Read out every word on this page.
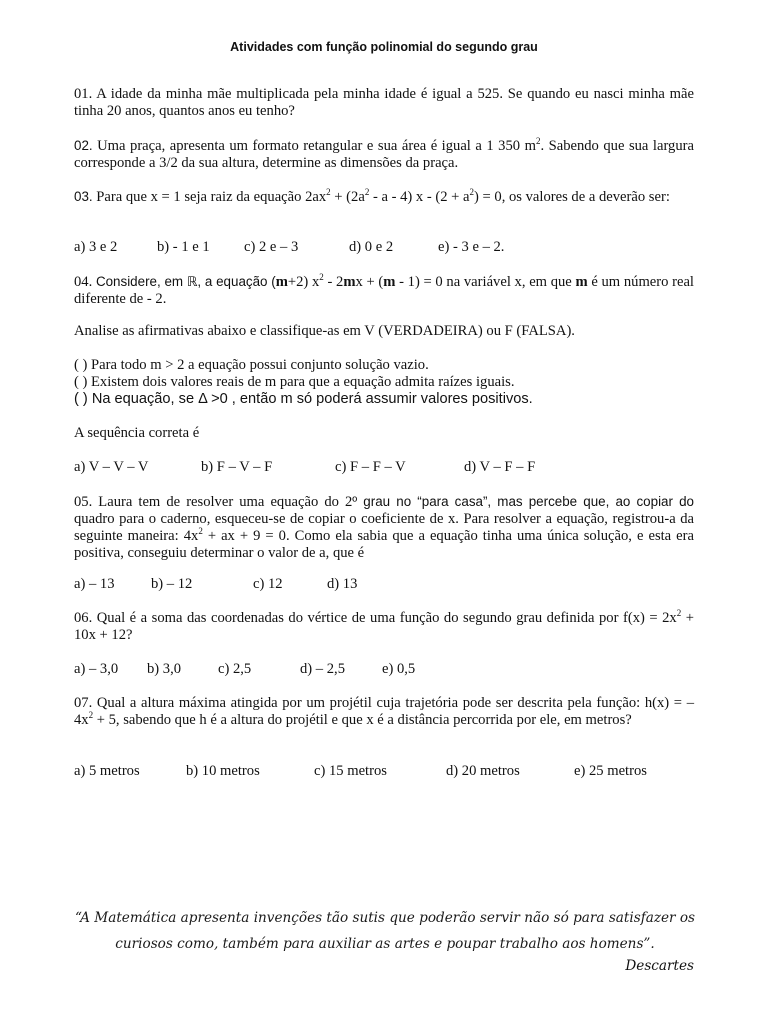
Atividades com função polinomial do segundo grau
01. A idade da minha mãe multiplicada pela minha idade é igual a 525. Se quando eu nasci minha mãe tinha 20 anos, quantos anos eu tenho?
02. Uma praça, apresenta um formato retangular e sua área é igual a 1 350 $m^2$. Sabendo que sua largura corresponde a 3/2 da sua altura, determine as dimensões da praça.
03. Para que x = 1 seja raiz da equação $2ax^2 + (2a^2 - a - 4)$ $x - (2 + a^2) = 0$, os valores de a deverão ser:
a) 3 e 2	b) - 1 e 1 c) 2 e – 3	d) 0 e 2	e) - 3 e – 2.
04. Considere, em ℝ, a equação (m+2) $x^2 - 2mx + (m - 1) = 0$ na variável x, em que m é um número real diferente de - 2.
Analise as afirmativas abaixo e classifique-as em V (VERDADEIRA) ou F (FALSA).
( ) Para todo m > 2 a equação possui conjunto solução vazio.
( ) Existem dois valores reais de m para que a equação admita raízes iguais.
( ) Na equação, se Δ >0 , então m só poderá assumir valores positivos.
A sequência correta é
a) V – V – V	b) F – V – F	c) F – F – V	d) V – F – F
05. Laura tem de resolver uma equação do 2º grau no “para casa”, mas percebe que, ao copiar do quadro para o caderno, esqueceu-se de copiar o coeficiente de x. Para resolver a equação, registrou-a da seguinte maneira: $4x^2$ + ax + 9 = 0. Como ela sabia que a equação tinha uma única solução, e esta era positiva, conseguiu determinar o valor de a, que é
a) – 13 b) – 12	c) 12	d) 13
06. Qual é a soma das coordenadas do vértice de uma função do segundo grau definida por $f(x) = 2x^2 + 10x + 12$?
a) – 3,0 b) 3,0	c) 2,5	d) – 2,5	e) 0,5
07. Qual a altura máxima atingida por um projétil cuja trajetória pode ser descrita pela função: h(x) = – $4x^2 + 5$, sabendo que h é a altura do projétil e que x é a distância percorrida por ele, em metros?
a) 5 metros	b) 10 metros	c) 15 metros	d) 20 metros	e) 25 metros
“A Matemática apresenta invenções tão sutis que poderão servir não só para satisfazer os
curiosos como, também para auxiliar as artes e poupar trabalho aos homens”.
Descartes
